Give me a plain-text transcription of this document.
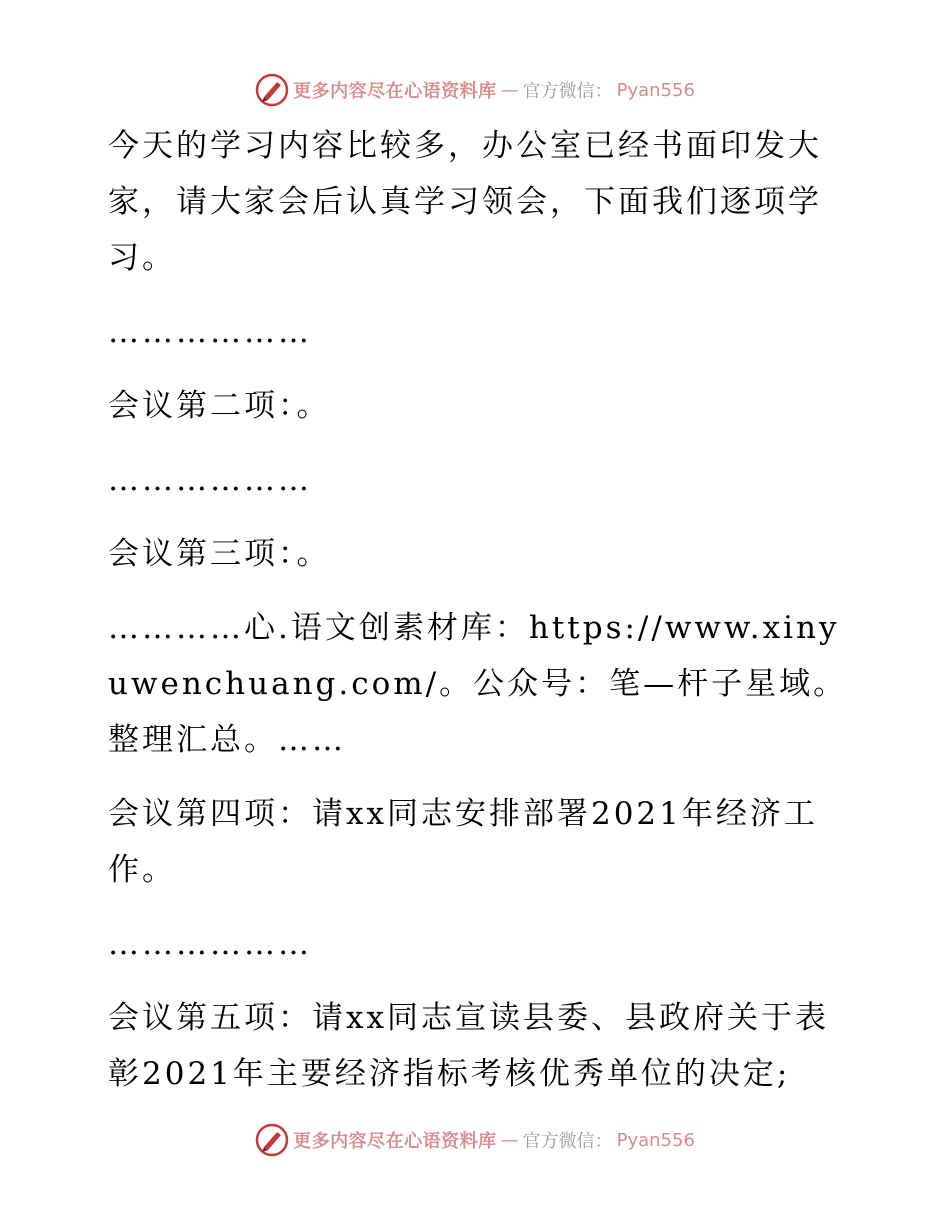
更多内容尽在心语资料库 — 官方微信： Pyan556

今天的学习内容比较多，办公室已经书面印发大家，请大家会后认真学习领会，下面我们逐项学习。

………………

会议第二项：。

………………

会议第三项：。

…………心.语文创素材库：https://www.xinyuwenchuang.com/。公众号：笔—杆子星域。整理汇总。……

会议第四项：请xx同志安排部署2021年经济工作。

………………

会议第五项：请xx同志宣读县委、县政府关于表彰2021年主要经济指标考核优秀单位的决定;

更多内容尽在心语资料库 — 官方微信： Pyan556
